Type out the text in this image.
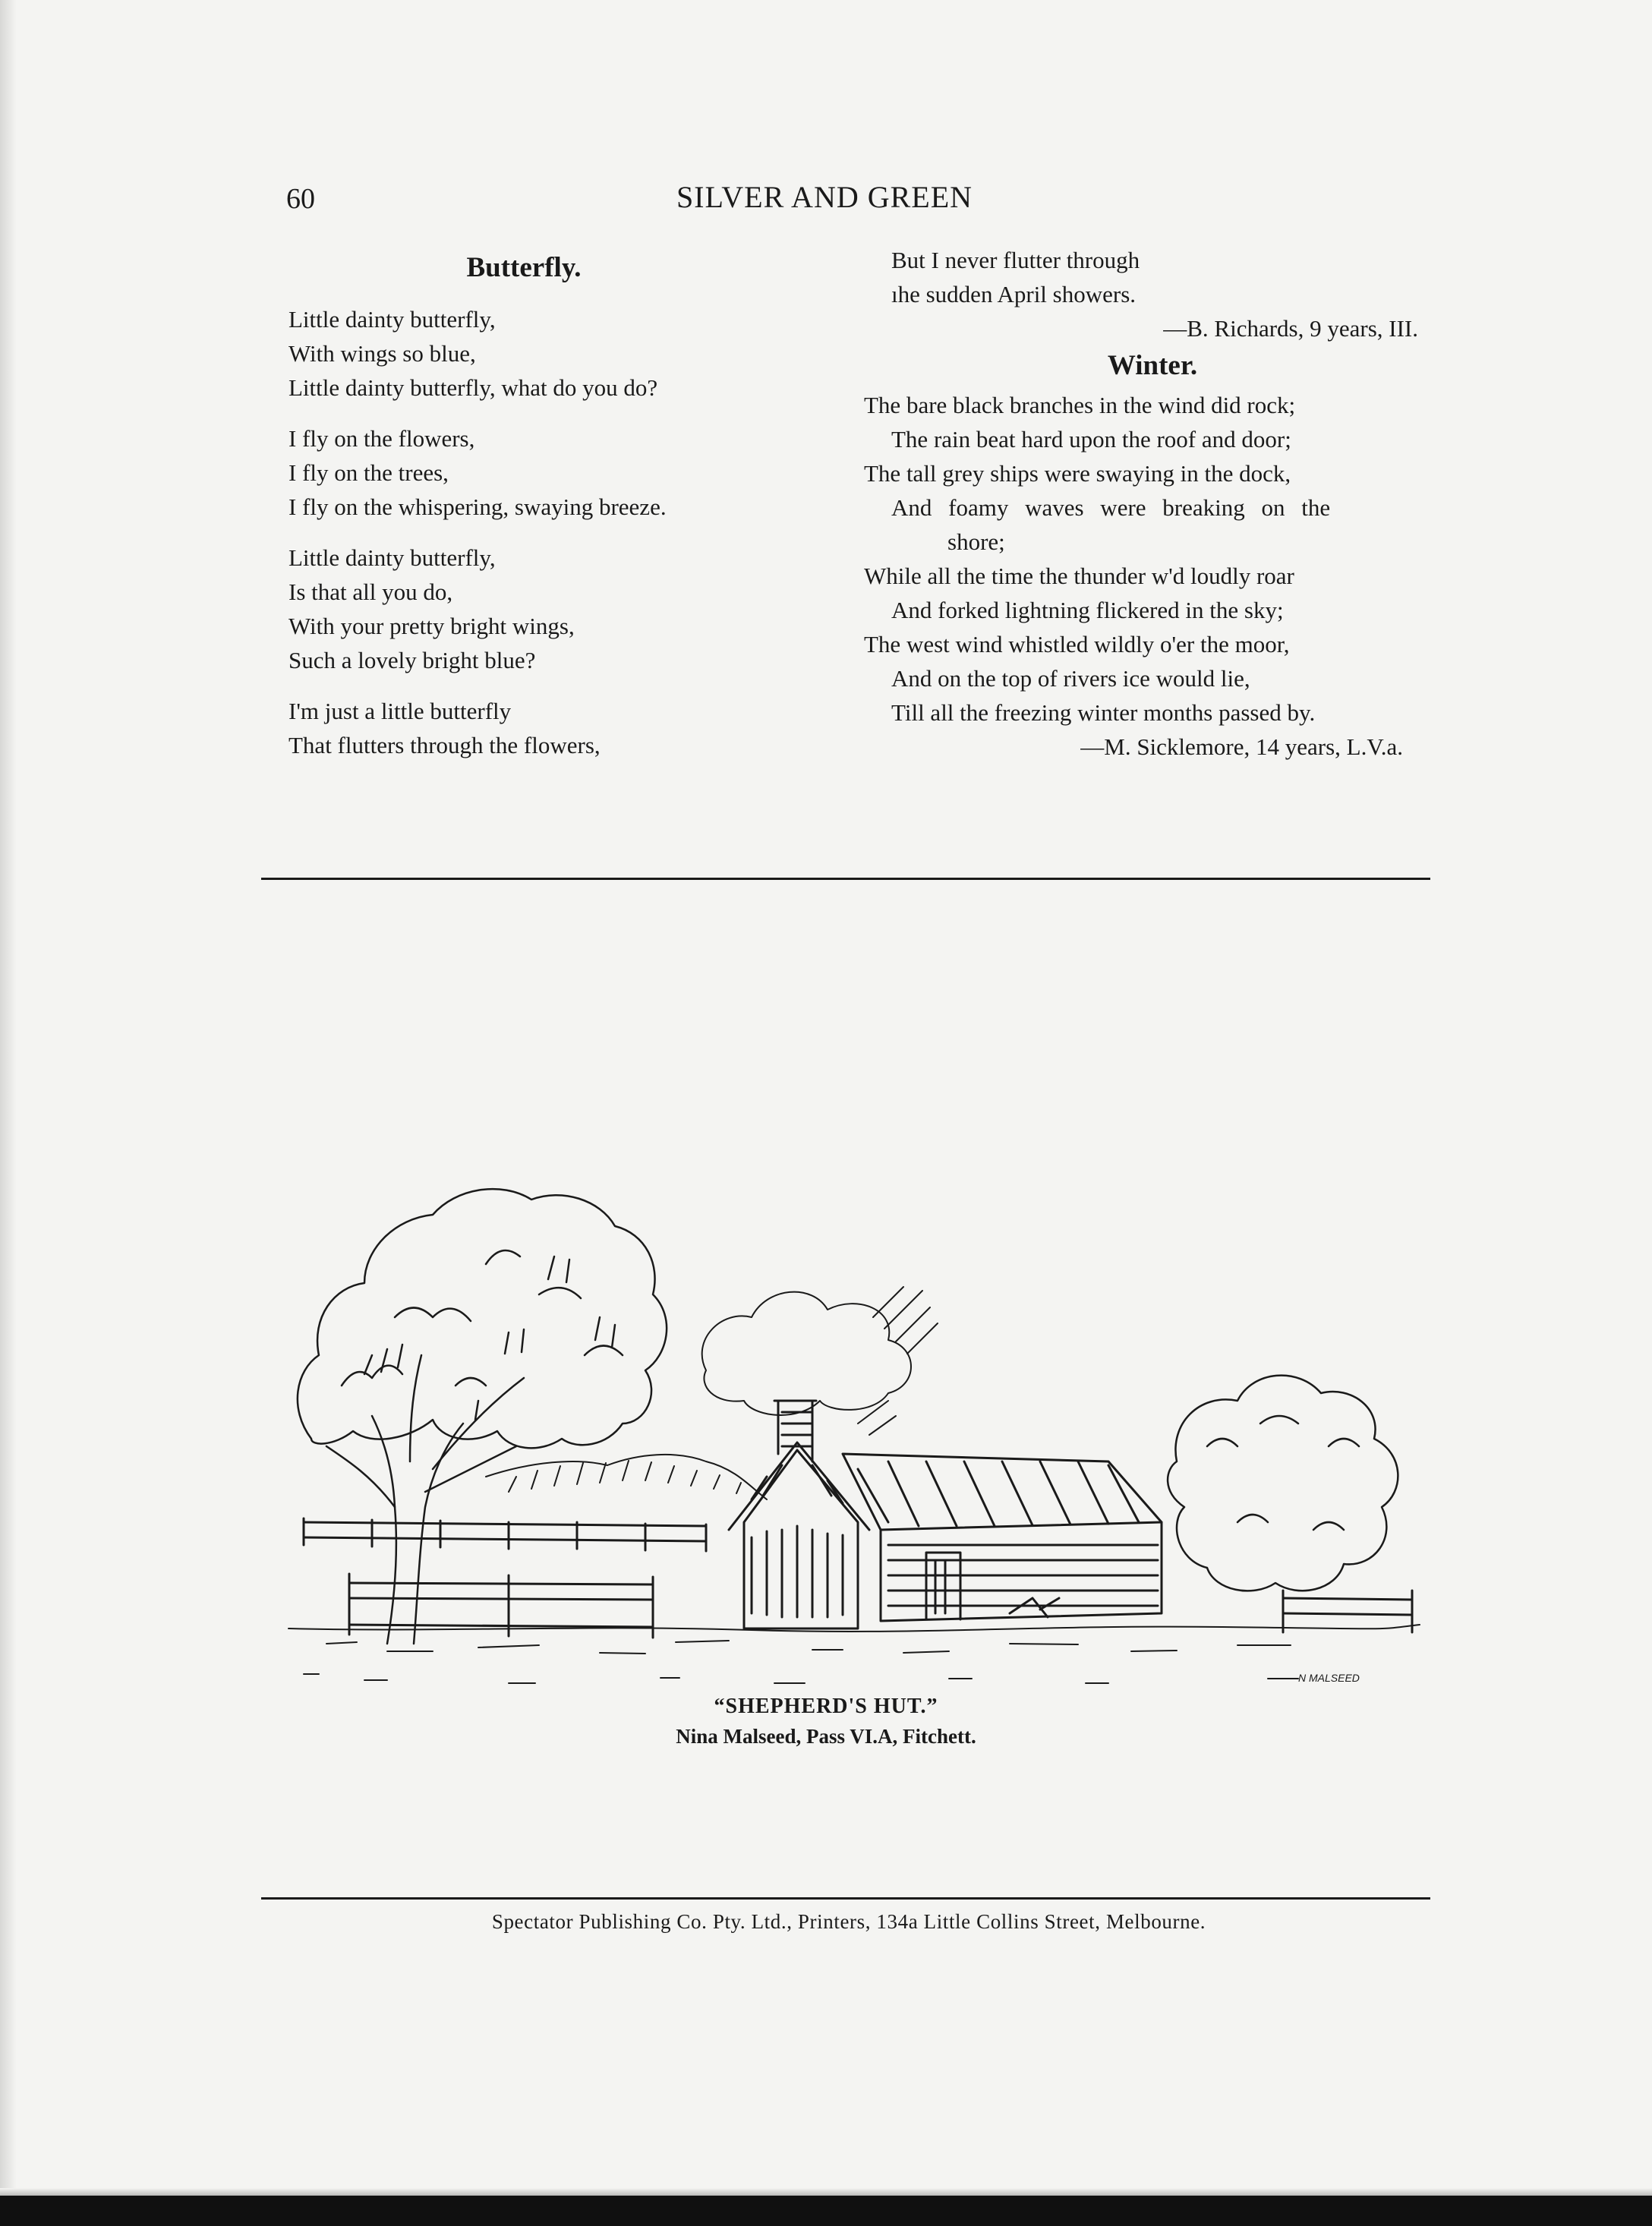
60	SILVER AND GREEN
Butterfly.
Little dainty butterfly,
With wings so blue,
Little dainty butterfly, what do you do?
I fly on the flowers,
I fly on the trees,
I fly on the whispering, swaying breeze.
Little dainty butterfly,
Is that all you do,
With your pretty bright wings,
Such a lovely bright blue?
I'm just a little butterfly
That flutters through the flowers,
But I never flutter through
ıhe sudden April showers.
—B. Richards, 9 years, III.
Winter.
The bare black branches in the wind did rock;
The rain beat hard upon the roof and door;
The tall grey ships were swaying in the dock,
And foamy waves were breaking on the
shore;
While all the time the thunder w'd loudly roar
And forked lightning flickered in the sky;
The west wind whistled wildly o'er the moor,
And on the top of rivers ice would lie,
Till all the freezing winter months passed by.
—M. Sicklemore, 14 years, L.V.a.
N MALSEED
“SHEPHERD'S HUT.”
Nina Malseed, Pass VI.A, Fitchett.
Spectator Publishing Co. Pty. Ltd., Printers, 134a Little Collins Street, Melbourne.
